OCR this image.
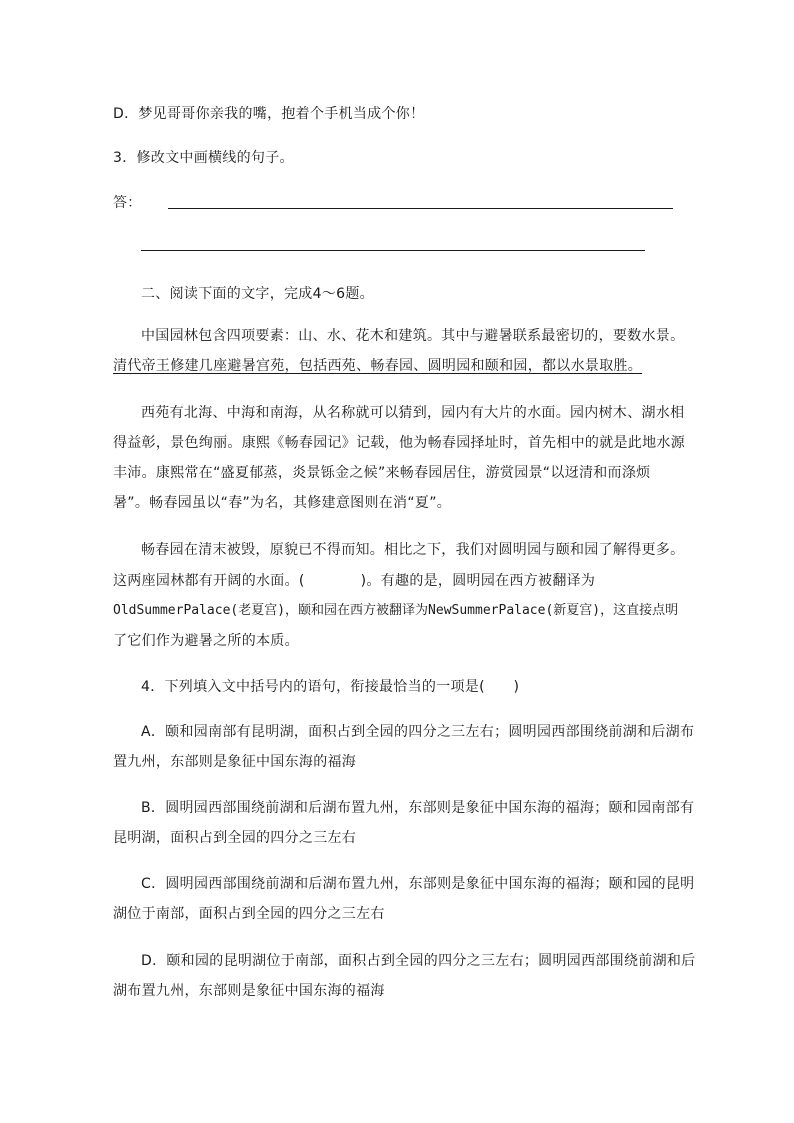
D．梦见哥哥你亲我的嘴，抱着个手机当成个你！
3．修改文中画横线的句子。
答：
二、阅读下面的文字，完成4～6题。
中国园林包含四项要素：山、水、花木和建筑。其中与避暑联系最密切的，要数水景。
清代帝王修建几座避暑宫苑，包括西苑、畅春园、圆明园和颐和园，都以水景取胜。
西苑有北海、中海和南海，从名称就可以猜到，园内有大片的水面。园内树木、湖水相
得益彰，景色绚丽。康熙《畅春园记》记载，他为畅春园择址时，首先相中的就是此地水源
丰沛。康熙常在“盛夏郁蒸，炎景铄金之候”来畅春园居住，游赏园景“以迓清和而涤烦
暑”。畅春园虽以“春”为名，其修建意图则在消“夏”。
畅春园在清末被毁，原貌已不得而知。相比之下，我们对圆明园与颐和园了解得更多。
这两座园林都有开阔的水面。(	)。有趣的是，圆明园在西方被翻译为
OldSummerPalace(老夏宫)，颐和园在西方被翻译为NewSummerPalace(新夏宫)，这直接点明
了它们作为避暑之所的本质。
4．下列填入文中括号内的语句，衔接最恰当的一项是(　　)
A．颐和园南部有昆明湖，面积占到全园的四分之三左右；圆明园西部围绕前湖和后湖布
置九州，东部则是象征中国东海的福海
B．圆明园西部围绕前湖和后湖布置九州，东部则是象征中国东海的福海；颐和园南部有
昆明湖，面积占到全园的四分之三左右
C．圆明园西部围绕前湖和后湖布置九州，东部则是象征中国东海的福海；颐和园的昆明
湖位于南部，面积占到全园的四分之三左右
D．颐和园的昆明湖位于南部，面积占到全园的四分之三左右；圆明园西部围绕前湖和后
湖布置九州，东部则是象征中国东海的福海
